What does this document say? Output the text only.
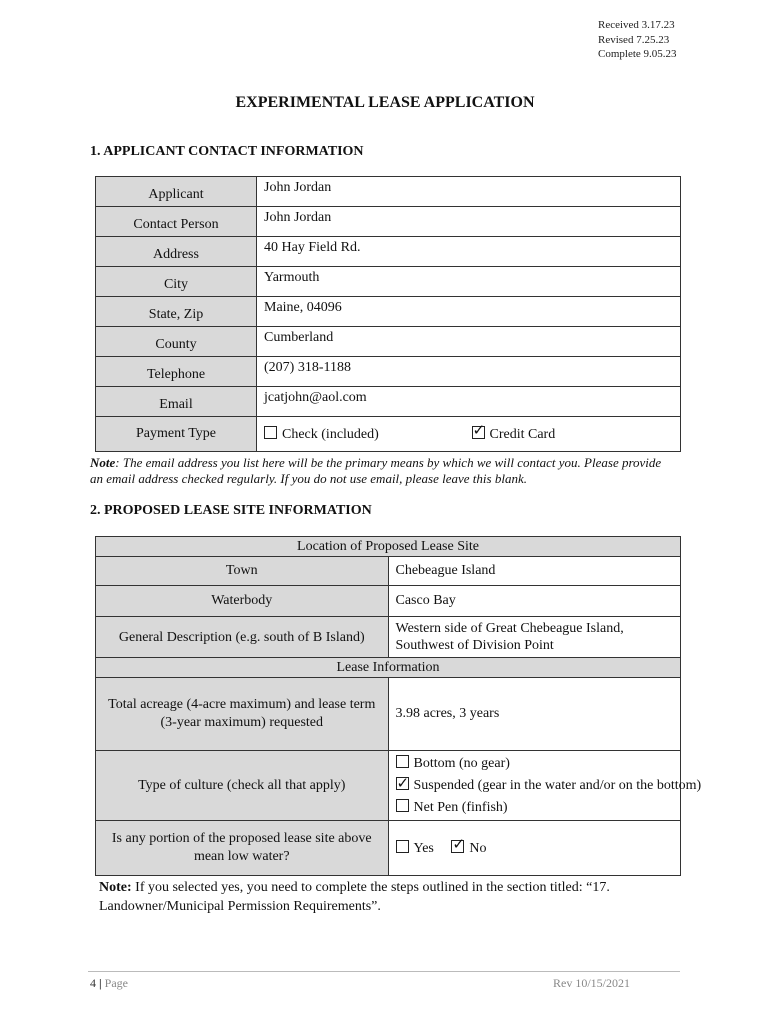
Received 3.17.23
Revised 7.25.23
Complete 9.05.23
EXPERIMENTAL LEASE APPLICATION
1. APPLICANT CONTACT INFORMATION
Applicant	John Jordan
Contact Person	John Jordan
Address	40 Hay Field Rd.
City	Yarmouth
State, Zip	Maine, 04096
County	Cumberland
Telephone	(207) 318-1188
Email	jcatjohn@aol.com
Payment Type	Check (included) ✓ Credit Card
Note: The email address you list here will be the primary means by which we will contact you. Please provide an email address checked regularly. If you do not use email, please leave this blank.
2. PROPOSED LEASE SITE INFORMATION
Location of Proposed Lease Site	
Town	Chebeague Island
Waterbody	Casco Bay
General Description (e.g. south of B Island)	Western side of Great Chebeague Island, Southwest of Division Point
Lease Information	
Total acreage (4-acre maximum) and lease term (3-year maximum) requested	3.98 acres, 3 years
Type of culture (check all that apply)	Bottom (no gear)
✓Suspended (gear in the water and/or on the bottom)
Net Pen (finfish)

Is any portion of the proposed lease site above mean low water?	Yes ✓ No
Note: If you selected yes, you need to complete the steps outlined in the section titled: “17. Landowner/Municipal Permission Requirements”.
4 | Page	Rev 10/15/2021
